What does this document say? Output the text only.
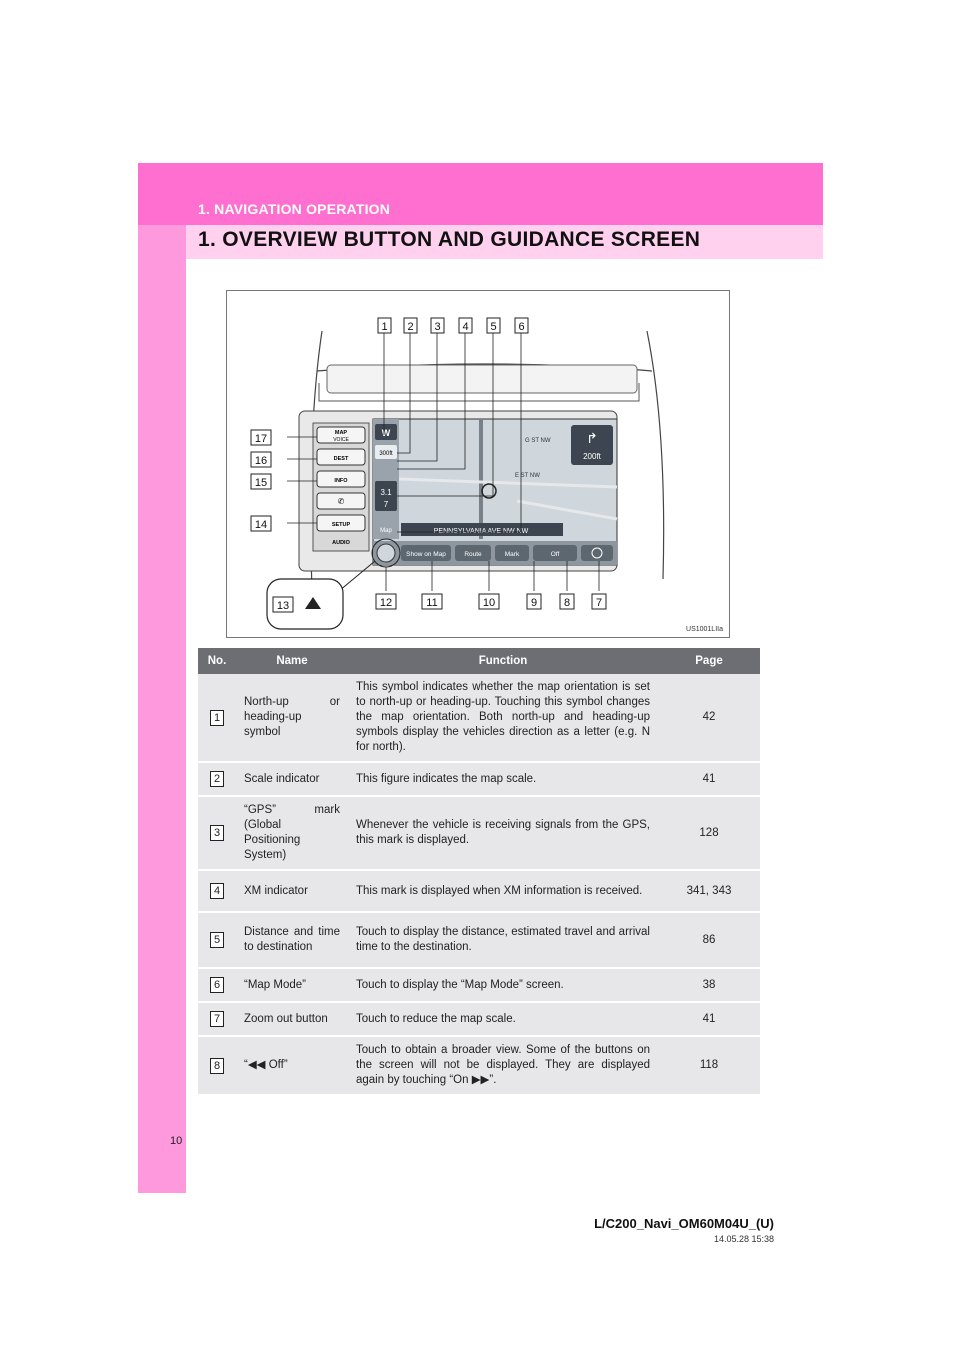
1. NAVIGATION OPERATION
1. OVERVIEW BUTTON AND GUIDANCE SCREEN
MAP
VOICE
DEST
INFO
✆
SETUP
AUDIO
W
300ft
3.1
7
Map
G ST NW
E ST NW
PENNSYLVANIA AVE NW NW
↱
200ft
Show on Map	Route	Mark	Off
1 2 3 4 5 6
17
16
15
14
13	12	11	10	9 8 7
US1001LIIa
No.	Name	Function	Page
1	North-up or heading-up symbol	This symbol indicates whether the map orientation is set to north-up or heading-up. Touching this symbol changes the map orientation. Both north-up and heading-up symbols display the vehicles direction as a letter (e.g. N for north).	42
2	Scale indicator	This figure indicates the map scale.	41
3	“GPS” mark (Global Positioning System)	Whenever the vehicle is receiving signals from the GPS, this mark is displayed.	128
4	XM indicator	This mark is displayed when XM information is received.	341, 343
5	Distance and time to destination	Touch to display the distance, estimated travel and arrival time to the destination.	86
6	“Map Mode”	Touch to display the “Map Mode” screen.	38
7	Zoom out button	Touch to reduce the map scale.	41
8	“◀◀ Off”	Touch to obtain a broader view. Some of the buttons on the screen will not be displayed. They are displayed again by touching “On ▶▶”.	118
10
L/C200_Navi_OM60M04U_(U)
14.05.28 15:38
